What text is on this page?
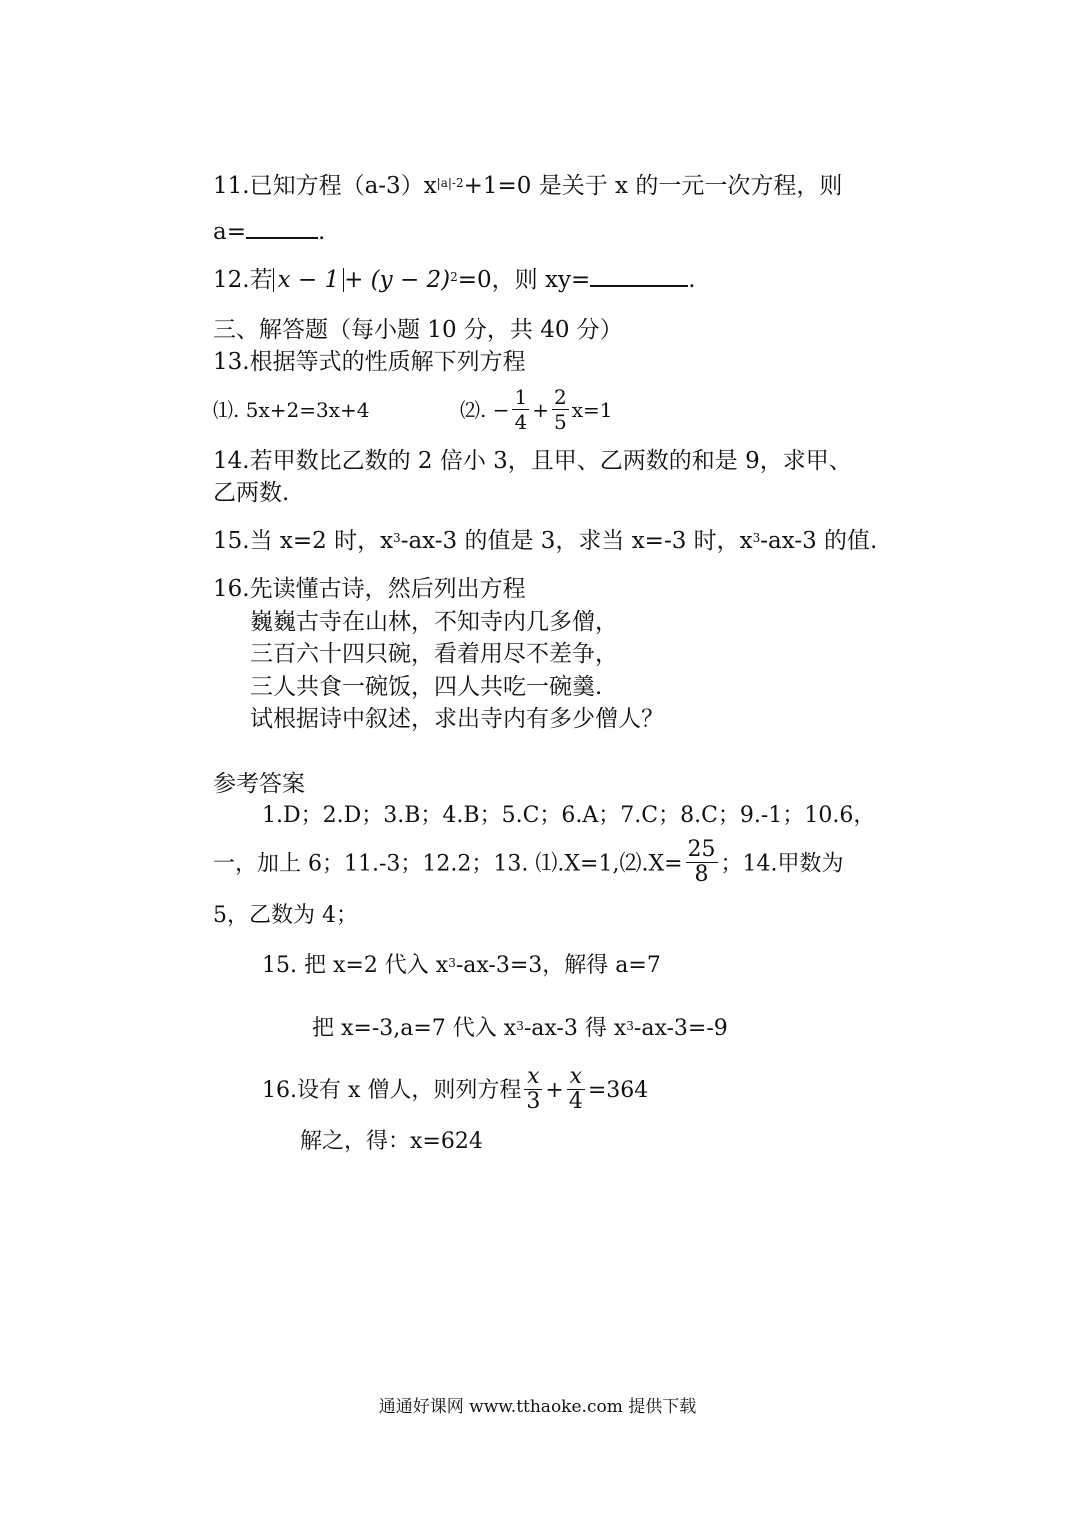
11.已知方程$(a-3)x^{|a|-2}+1=0$ 是关于 x 的一元一次方程，则
a=	.
12.若 $x - 1 + (y - 2)^2=0$，则 xy=	.
三、解答题（每小题 10 分，共 40 分）
13.根据等式的性质解下列方程
⑴. 5x+2=3x+4	⑵. − $\frac{1}{4} + \frac{2}{5} x=1$
14.若甲数比乙数的 2 倍小 3，且甲、乙两数的和是 9，求甲、
乙两数.
15.当 x=2 时，$x^3-ax-3$ 的值是 3，求当 x=-3 时，$x^3-ax-3$ 的值.
16.先读懂古诗，然后列出方程
巍巍古寺在山林，不知寺内几多僧，
三百六十四只碗，看着用尽不差争，
三人共食一碗饭，四人共吃一碗羹.
试根据诗中叙述，求出寺内有多少僧人？
参考答案
1.D；2.D；3.B；4.B；5.C；6.A；7.C；8.C；9.-1；10.6，
一，加上 6；11.-3；12.2；13. ⑴.X=1,⑵.X= $\frac{25}{8}$ ；14.甲数为
5，乙数为 4；
15. 把 x=2 代入 $x^3-ax-3=3$，解得 a=7
把 x=-3,a=7 代入 $x^3-ax-3$ 得 $x^3-ax-3=-9$
16.设有 x 僧人，则列方程 $\frac{x}{3} + \frac{x}{4} =364$
解之，得：x=624
通通好课网 www.tthaoke.com 提供下载
